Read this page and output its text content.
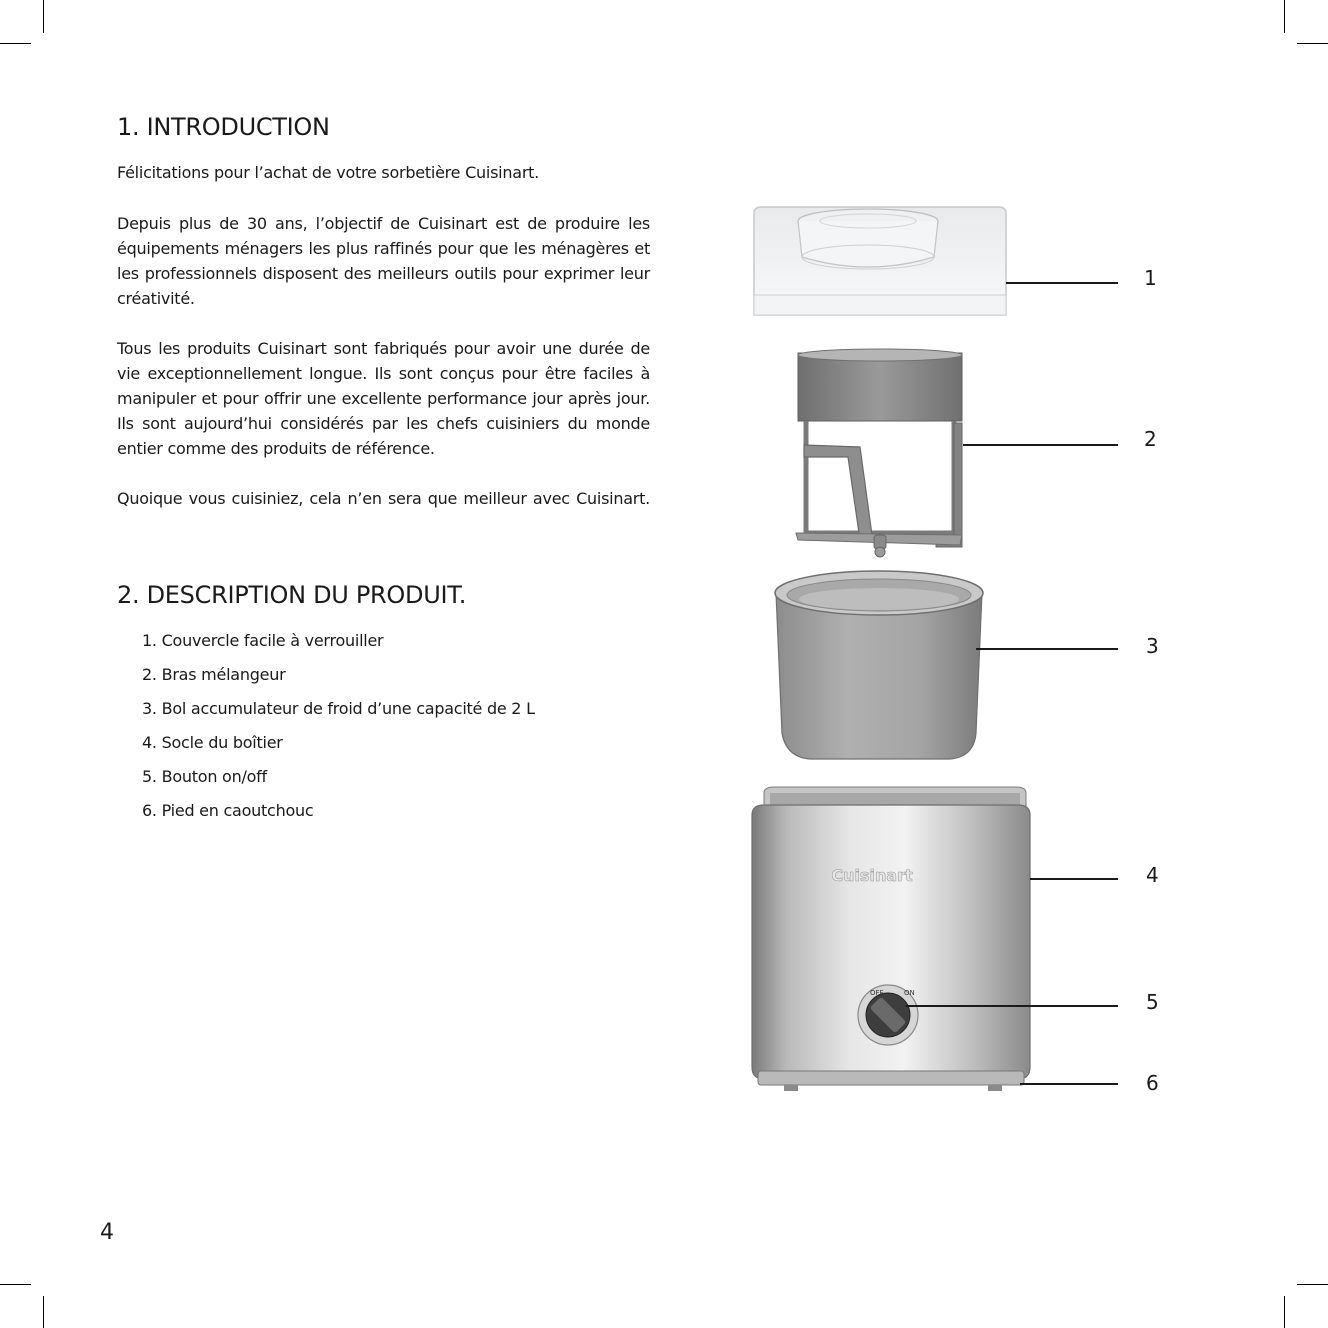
1. INTRODUCTION

Félicitations pour l’achat de votre sorbetière Cuisinart.

Depuis plus de 30 ans, l’objectif de Cuisinart est de produire les équipements ménagers les plus raffinés pour que les ménagères et les professionnels disposent des meilleurs outils pour exprimer leur créativité.

Tous les produits Cuisinart sont fabriqués pour avoir une durée de vie exceptionnellement longue. Ils sont conçus pour être faciles à manipuler et pour offrir une excellente performance jour après jour. Ils sont aujourd’hui considérés par les chefs cuisiniers du monde entier comme des produits de référence.

Quoique vous cuisiniez, cela n’en sera que meilleur avec Cuisinart.

2. DESCRIPTION DU PRODUIT.
1. Couvercle facile à verrouiller
2. Bras mélangeur
3. Bol accumulateur de froid d’une capacité de 2 L
4. Socle du boîtier
5. Bouton on/off
6. Pied en caoutchouc
Cuisinart
OFF	ON
1
2
3
4
5
6
4
